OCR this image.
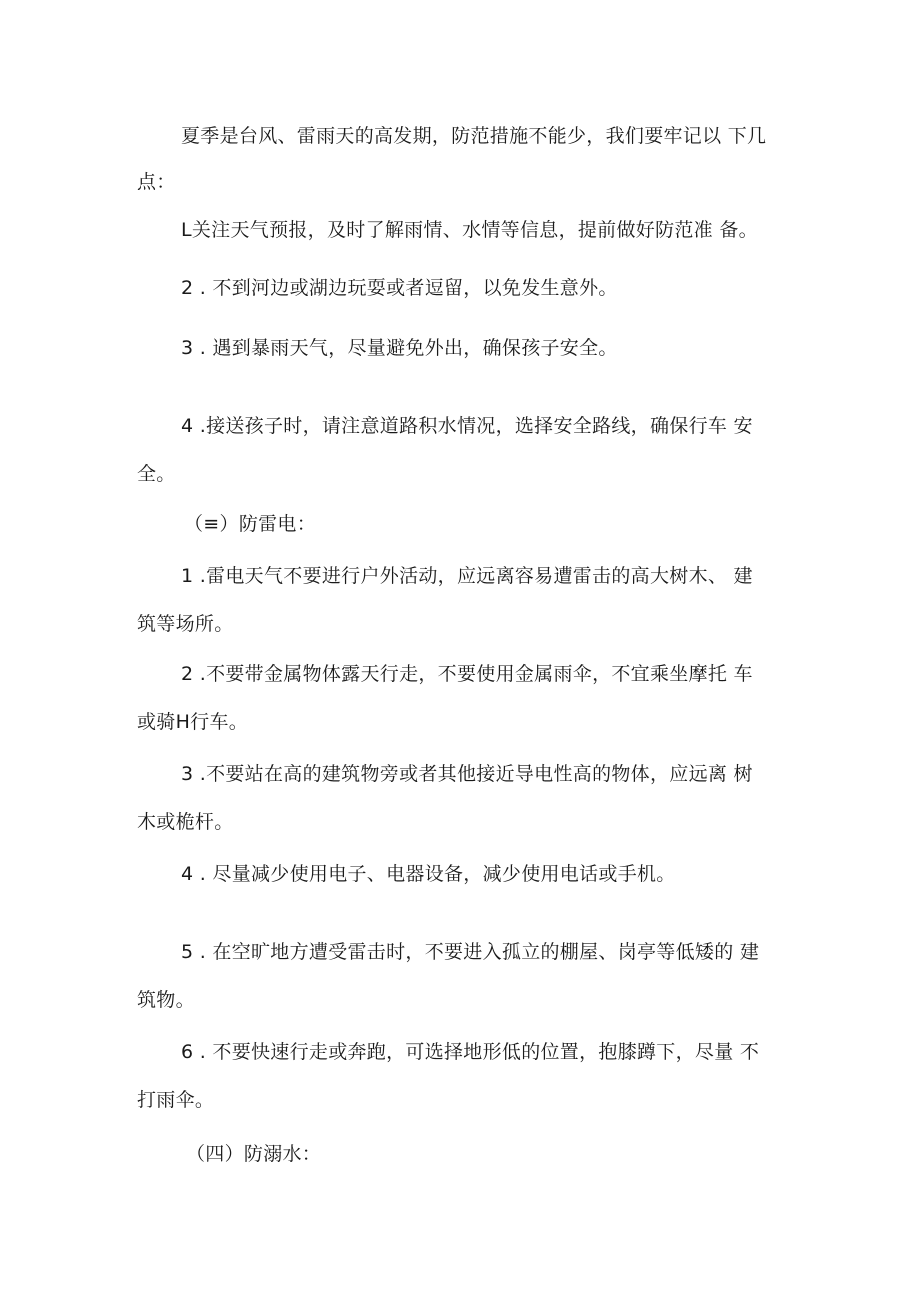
夏季是台风、雷雨天的高发期，防范措施不能少，我们要牢记以 下几
点：
L关注天气预报，及时了解雨情、水情等信息，提前做好防范准 备。
2 . 不到河边或湖边玩耍或者逗留，以免发生意外。
3 . 遇到暴雨天气，尽量避免外出，确保孩子安全。
4 .接送孩子时，请注意道路积水情况，选择安全路线，确保行车 安
全。
（≡）防雷电：
1 .雷电天气不要进行户外活动，应远离容易遭雷击的高大树木、 建
筑等场所。
2 .不要带金属物体露天行走，不要使用金属雨伞，不宜乘坐摩托 车
或骑H行车。
3 .不要站在高的建筑物旁或者其他接近导电性高的物体，应远离 树
木或桅杆。
4 . 尽量减少使用电子、电器设备，减少使用电话或手机。
5 . 在空旷地方遭受雷击时，不要进入孤立的棚屋、岗亭等低矮的 建
筑物。
6 . 不要快速行走或奔跑，可选择地形低的位置，抱膝蹲下，尽量 不
打雨伞。
（四）防溺水：
